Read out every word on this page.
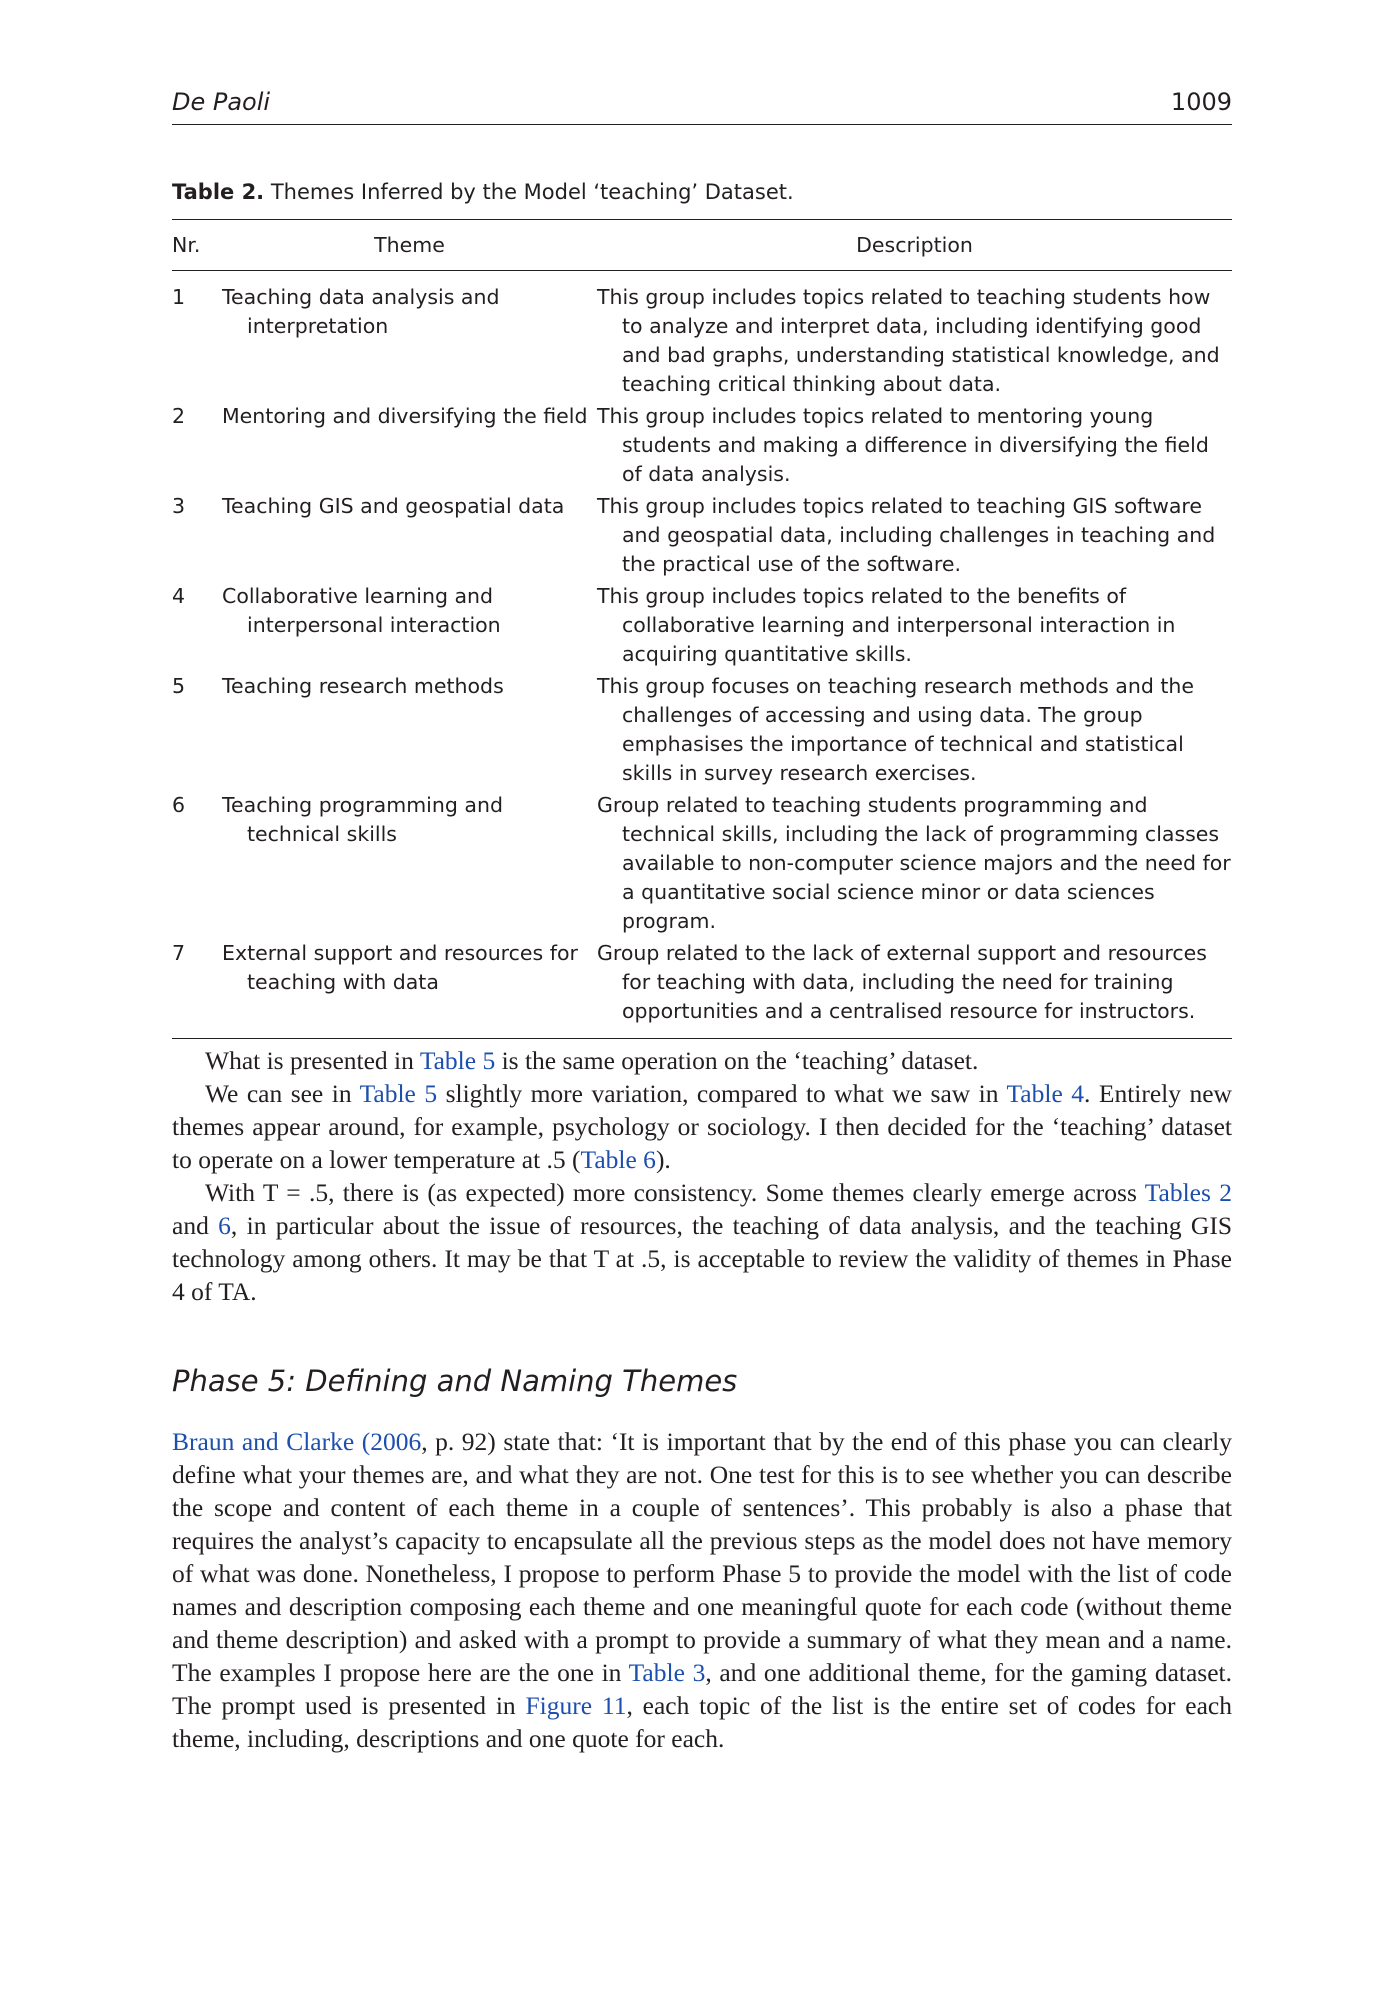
De Paoli	1009
Table 2. Themes Inferred by the Model ‘teaching’ Dataset.
Nr.	Theme	Description
1	Teaching data analysis and interpretation	This group includes topics related to teaching students how to analyze and interpret data, including identifying good and bad graphs, understanding statistical knowledge, and teaching critical thinking about data.

2	Mentoring and diversifying the field	This group includes topics related to mentoring young students and making a difference in diversifying the field of data analysis.

3	Teaching GIS and geospatial data	This group includes topics related to teaching GIS software and geospatial data, including challenges in teaching and the practical use of the software.

4	Collaborative learning and interpersonal interaction	This group includes topics related to the benefits of collaborative learning and interpersonal interaction in acquiring quantitative skills.

5	Teaching research methods	This group focuses on teaching research methods and the challenges of accessing and using data. The group emphasises the importance of technical and statistical skills in survey research exercises.

6	Teaching programming and technical skills	Group related to teaching students programming and technical skills, including the lack of programming classes available to non-computer science majors and the need for a quantitative social science minor or data sciences program.

7	External support and resources for teaching with data	Group related to the lack of external support and resources for teaching with data, including the need for training opportunities and a centralised resource for instructors.

What is presented in Table 5 is the same operation on the ‘teaching’ dataset.

We can see in Table 5 slightly more variation, compared to what we saw in Table 4. Entirely new themes appear around, for example, psychology or sociology. I then decided for the ‘teaching’ dataset to operate on a lower temperature at .5 (Table 6).

With T = .5, there is (as expected) more consistency. Some themes clearly emerge across Tables 2 and 6, in particular about the issue of resources, the teaching of data analysis, and the teaching GIS technology among others. It may be that T at .5, is acceptable to review the validity of themes in Phase 4 of TA.

Phase 5: Defining and Naming Themes

Braun and Clarke (2006, p. 92) state that: ‘It is important that by the end of this phase you can clearly define what your themes are, and what they are not. One test for this is to see whether you can describe the scope and content of each theme in a couple of sentences’. This probably is also a phase that requires the analyst’s capacity to encapsulate all the previous steps as the model does not have memory of what was done. Nonetheless, I propose to perform Phase 5 to provide the model with the list of code names and description composing each theme and one meaningful quote for each code (without theme and theme description) and asked with a prompt to provide a summary of what they mean and a name. The examples I propose here are the one in Table 3, and one additional theme, for the gaming dataset. The prompt used is presented in Figure 11, each topic of the list is the entire set of codes for each theme, including, descriptions and one quote for each.
